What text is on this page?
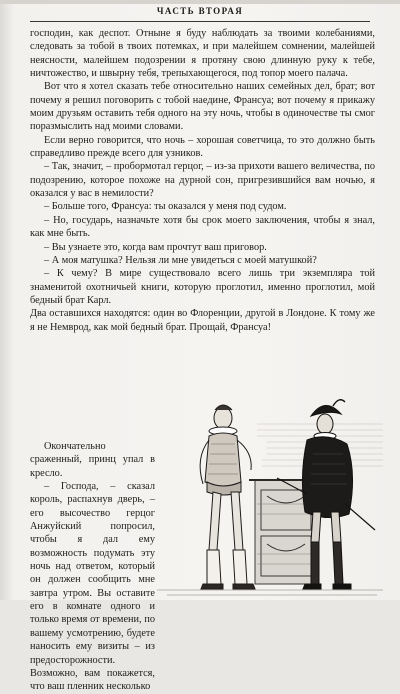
ЧАСТЬ ВТОРАЯ

господин, как деспот. Отныне я буду наблюдать за твоими колебаниями, следовать за тобой в твоих потемках, и при малейшем сомнении, малейшей неясности, малейшем подозрении я протяну свою длинную руку к тебе, ничтожество, и швырну тебя, трепыхающегося, под топор моего палача.

Вот что я хотел сказать тебе относительно наших семейных дел, брат; вот почему я решил поговорить с тобой наедине, Франсуа; вот почему я прикажу моим друзьям оставить тебя одного на эту ночь, чтобы в одиночестве ты смог поразмыслить над моими словами.

Если верно говорится, что ночь – хорошая советчица, то это должно быть справедливо прежде всего для узников.

– Так, значит, – пробормотал герцог, – из-за прихоти вашего величества, по подозрению, которое похоже на дурной сон, пригрезившийся вам ночью, я оказался у вас в немилости?

– Больше того, Франсуа: ты оказался у меня под судом.

– Но, государь, назначьте хотя бы срок моего заключения, чтобы я знал, как мне быть.

– Вы узнаете это, когда вам прочтут ваш приговор.

– А моя матушка? Нельзя ли мне увидеться с моей матушкой?

– К чему? В мире существовало всего лишь три экземпляра той знаменитой охотничьей книги, которую проглотил, именно проглотил, мой бедный брат Карл.

Два оставшихся находятся: один во Флоренции, другой в Лондоне. К тому же я не Немврод, как мой бедный брат. Прощай, Франсуа!

Окончательно сраженный, принц упал в кресло.

– Господа, – сказал король, распахнув дверь, – его высочество герцог Анжуйский попросил, чтобы я дал ему возможность подумать эту ночь над ответом, который он должен сообщить мне завтра утром. Вы оставите его в комнате одного и только время от времени, по вашему усмотрению, будете наносить ему визиты – из предосторожности. Возможно, вам покажется, что ваш пленник несколько
